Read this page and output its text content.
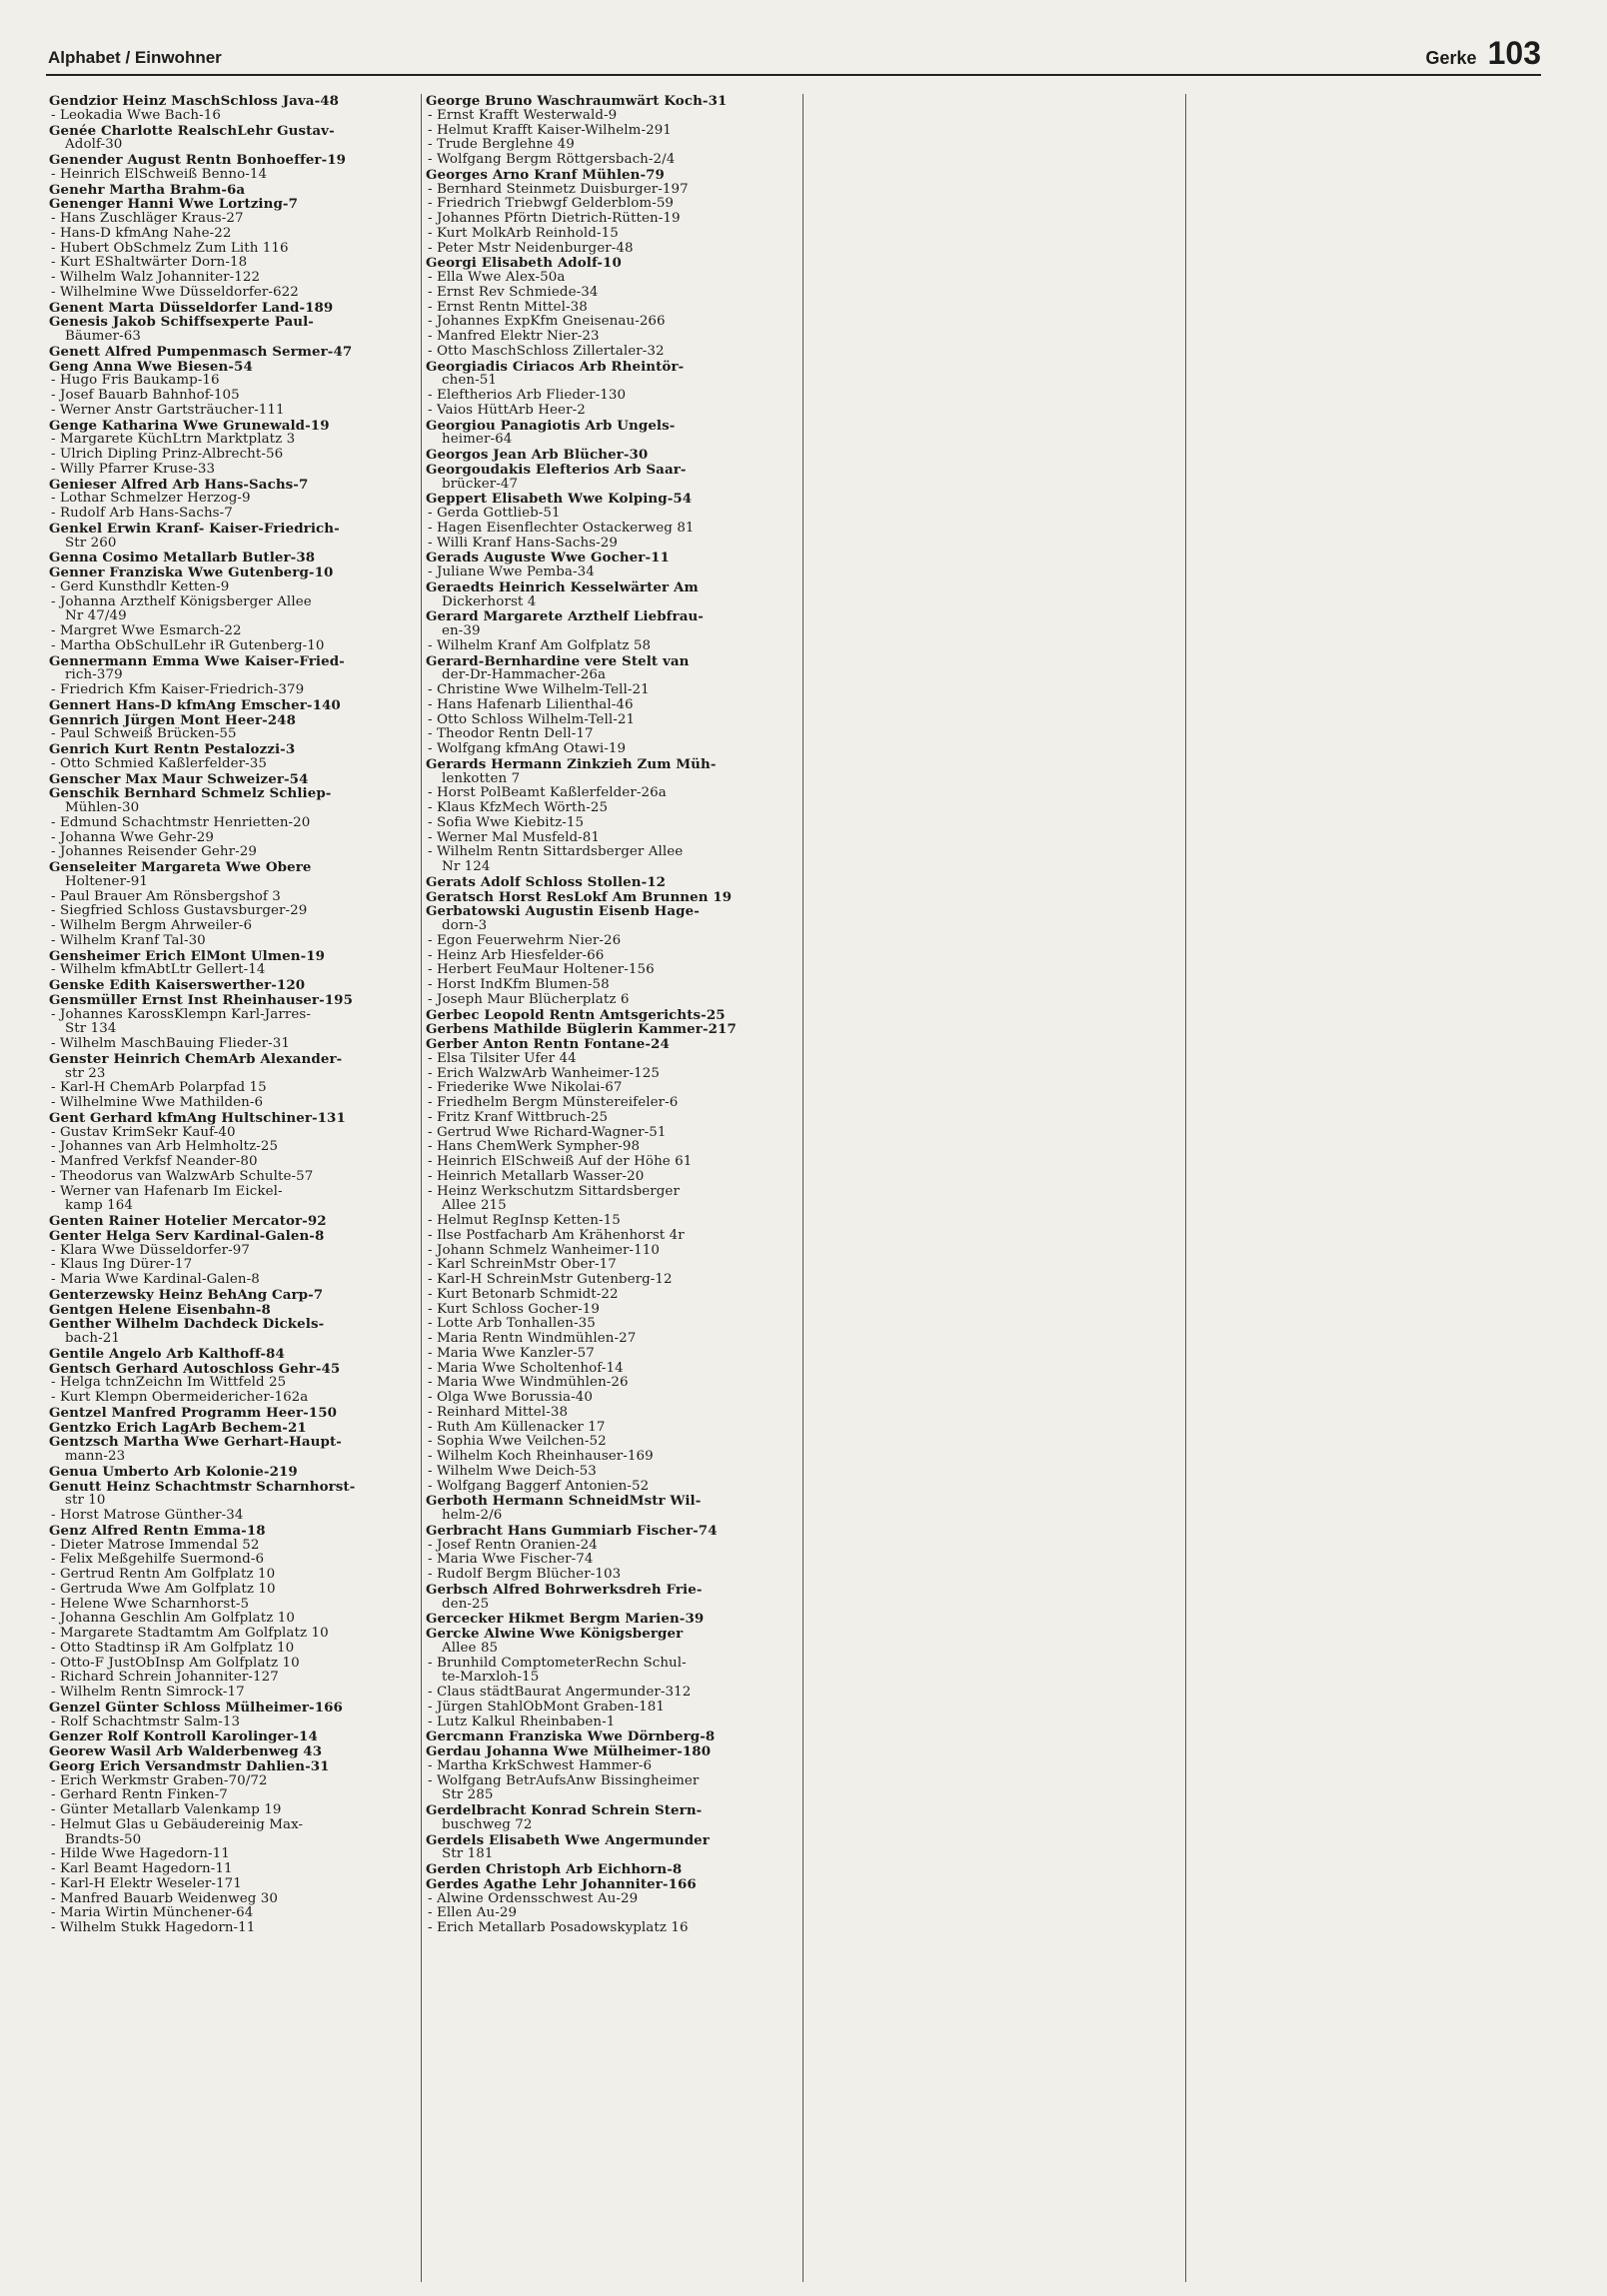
Alphabet / Einwohner	Gerke 103
Gendzior Heinz MaschSchloss Java-48
- Leokadia Wwe Bach-16
Genée Charlotte RealschLehr Gustav-
Adolf-30
Genender August Rentn Bonhoeffer-19
- Heinrich ElSchweiß Benno-14
Genehr Martha Brahm-6a
Genenger Hanni Wwe Lortzing-7
- Hans Zuschläger Kraus-27
- Hans-D kfmAng Nahe-22
- Hubert ObSchmelz Zum Lith 116
- Kurt EShaltwärter Dorn-18
- Wilhelm Walz Johanniter-122
- Wilhelmine Wwe Düsseldorfer-622
Genent Marta Düsseldorfer Land-189
Genesis Jakob Schiffsexperte Paul-
Bäumer-63
Genett Alfred Pumpenmasch Sermer-47
Geng Anna Wwe Biesen-54
- Hugo Fris Baukamp-16
- Josef Bauarb Bahnhof-105
- Werner Anstr Gartsträucher-111
Genge Katharina Wwe Grunewald-19
- Margarete KüchLtrn Marktplatz 3
- Ulrich Dipling Prinz-Albrecht-56
- Willy Pfarrer Kruse-33
Genieser Alfred Arb Hans-Sachs-7
- Lothar Schmelzer Herzog-9
- Rudolf Arb Hans-Sachs-7
Genkel Erwin Kranf- Kaiser-Friedrich-
Str 260
Genna Cosimo Metallarb Butler-38
Genner Franziska Wwe Gutenberg-10
- Gerd Kunsthdlr Ketten-9
- Johanna Arzthelf Königsberger Allee
Nr 47/49
- Margret Wwe Esmarch-22
- Martha ObSchulLehr iR Gutenberg-10
Gennermann Emma Wwe Kaiser-Fried-
rich-379
- Friedrich Kfm Kaiser-Friedrich-379
Gennert Hans-D kfmAng Emscher-140
Gennrich Jürgen Mont Heer-248
- Paul Schweiß Brücken-55
Genrich Kurt Rentn Pestalozzi-3
- Otto Schmied Kaßlerfelder-35
Genscher Max Maur Schweizer-54
Genschik Bernhard Schmelz Schliep-
Mühlen-30
- Edmund Schachtmstr Henrietten-20
- Johanna Wwe Gehr-29
- Johannes Reisender Gehr-29
Genseleiter Margareta Wwe Obere
Holtener-91
- Paul Brauer Am Rönsbergshof 3
- Siegfried Schloss Gustavsburger-29
- Wilhelm Bergm Ahrweiler-6
- Wilhelm Kranf Tal-30
Gensheimer Erich ElMont Ulmen-19
- Wilhelm kfmAbtLtr Gellert-14
Genske Edith Kaiserswerther-120
Gensmüller Ernst Inst Rheinhauser-195
- Johannes KarossKlempn Karl-Jarres-
Str 134
- Wilhelm MaschBauing Flieder-31
Genster Heinrich ChemArb Alexander-
str 23
- Karl-H ChemArb Polarpfad 15
- Wilhelmine Wwe Mathilden-6
Gent Gerhard kfmAng Hultschiner-131
- Gustav KrimSekr Kauf-40
- Johannes van Arb Helmholtz-25
- Manfred Verkfsf Neander-80
- Theodorus van WalzwArb Schulte-57
- Werner van Hafenarb Im Eickel-
kamp 164
Genten Rainer Hotelier Mercator-92
Genter Helga Serv Kardinal-Galen-8
- Klara Wwe Düsseldorfer-97
- Klaus Ing Dürer-17
- Maria Wwe Kardinal-Galen-8
Genterzewsky Heinz BehAng Carp-7
Gentgen Helene Eisenbahn-8
Genther Wilhelm Dachdeck Dickels-
bach-21
Gentile Angelo Arb Kalthoff-84
Gentsch Gerhard Autoschloss Gehr-45
- Helga tchnZeichn Im Wittfeld 25
- Kurt Klempn Obermeidericher-162a
Gentzel Manfred Programm Heer-150
Gentzko Erich LagArb Bechem-21
Gentzsch Martha Wwe Gerhart-Haupt-
mann-23
Genua Umberto Arb Kolonie-219
Genutt Heinz Schachtmstr Scharnhorst-
str 10
- Horst Matrose Günther-34
Genz Alfred Rentn Emma-18
- Dieter Matrose Immendal 52
- Felix Meßgehilfe Suermond-6
- Gertrud Rentn Am Golfplatz 10
- Gertruda Wwe Am Golfplatz 10
- Helene Wwe Scharnhorst-5
- Johanna Geschlin Am Golfplatz 10
- Margarete Stadtamtm Am Golfplatz 10
- Otto Stadtinsp iR Am Golfplatz 10
- Otto-F JustObInsp Am Golfplatz 10
- Richard Schrein Johanniter-127
- Wilhelm Rentn Simrock-17
Genzel Günter Schloss Mülheimer-166
- Rolf Schachtmstr Salm-13
Genzer Rolf Kontroll Karolinger-14
Georew Wasil Arb Walderbenweg 43
Georg Erich Versandmstr Dahlien-31
- Erich Werkmstr Graben-70/72
- Gerhard Rentn Finken-7
- Günter Metallarb Valenkamp 19
- Helmut Glas u Gebäudereinig Max-
Brandts-50
- Hilde Wwe Hagedorn-11
- Karl Beamt Hagedorn-11
- Karl-H Elektr Weseler-171
- Manfred Bauarb Weidenweg 30
- Maria Wirtin Münchener-64
- Wilhelm Stukk Hagedorn-11
George Bruno Waschraumwärt Koch-31
- Ernst Krafft Westerwald-9
- Helmut Krafft Kaiser-Wilhelm-291
- Trude Berglehne 49
- Wolfgang Bergm Röttgersbach-2/4
Georges Arno Kranf Mühlen-79
- Bernhard Steinmetz Duisburger-197
- Friedrich Triebwgf Gelderblom-59
- Johannes Pförtn Dietrich-Rütten-19
- Kurt MolkArb Reinhold-15
- Peter Mstr Neidenburger-48
Georgi Elisabeth Adolf-10
- Ella Wwe Alex-50a
- Ernst Rev Schmiede-34
- Ernst Rentn Mittel-38
- Johannes ExpKfm Gneisenau-266
- Manfred Elektr Nier-23
- Otto MaschSchloss Zillertaler-32
Georgiadis Ciriacos Arb Rheintör-
chen-51
- Eleftherios Arb Flieder-130
- Vaios HüttArb Heer-2
Georgiou Panagiotis Arb Ungels-
heimer-64
Georgos Jean Arb Blücher-30
Georgoudakis Elefterios Arb Saar-
brücker-47
Geppert Elisabeth Wwe Kolping-54
- Gerda Gottlieb-51
- Hagen Eisenflechter Ostackerweg 81
- Willi Kranf Hans-Sachs-29
Gerads Auguste Wwe Gocher-11
- Juliane Wwe Pemba-34
Geraedts Heinrich Kesselwärter Am
Dickerhorst 4
Gerard Margarete Arzthelf Liebfrau-
en-39
- Wilhelm Kranf Am Golfplatz 58
Gerard-Bernhardine vere Stelt van
der-Dr-Hammacher-26a
- Christine Wwe Wilhelm-Tell-21
- Hans Hafenarb Lilienthal-46
- Otto Schloss Wilhelm-Tell-21
- Theodor Rentn Dell-17
- Wolfgang kfmAng Otawi-19
Gerards Hermann Zinkzieh Zum Müh-
lenkotten 7
- Horst PolBeamt Kaßlerfelder-26a
- Klaus KfzMech Wörth-25
- Sofia Wwe Kiebitz-15
- Werner Mal Musfeld-81
- Wilhelm Rentn Sittardsberger Allee
Nr 124
Gerats Adolf Schloss Stollen-12
Geratsch Horst ResLokf Am Brunnen 19
Gerbatowski Augustin Eisenb Hage-
dorn-3
- Egon Feuerwehrm Nier-26
- Heinz Arb Hiesfelder-66
- Herbert FeuMaur Holtener-156
- Horst IndKfm Blumen-58
- Joseph Maur Blücherplatz 6
Gerbec Leopold Rentn Amtsgerichts-25
Gerbens Mathilde Büglerin Kammer-217
Gerber Anton Rentn Fontane-24
- Elsa Tilsiter Ufer 44
- Erich WalzwArb Wanheimer-125
- Friederike Wwe Nikolai-67
- Friedhelm Bergm Münstereifeler-6
- Fritz Kranf Wittbruch-25
- Gertrud Wwe Richard-Wagner-51
- Hans ChemWerk Sympher-98
- Heinrich ElSchweiß Auf der Höhe 61
- Heinrich Metallarb Wasser-20
- Heinz Werkschutzm Sittardsberger
Allee 215
- Helmut RegInsp Ketten-15
- Ilse Postfacharb Am Krähenhorst 4r
- Johann Schmelz Wanheimer-110
- Karl SchreinMstr Ober-17
- Karl-H SchreinMstr Gutenberg-12
- Kurt Betonarb Schmidt-22
- Kurt Schloss Gocher-19
- Lotte Arb Tonhallen-35
- Maria Rentn Windmühlen-27
- Maria Wwe Kanzler-57
- Maria Wwe Scholtenhof-14
- Maria Wwe Windmühlen-26
- Olga Wwe Borussia-40
- Reinhard Mittel-38
- Ruth Am Küllenacker 17
- Sophia Wwe Veilchen-52
- Wilhelm Koch Rheinhauser-169
- Wilhelm Wwe Deich-53
- Wolfgang Baggerf Antonien-52
Gerboth Hermann SchneidMstr Wil-
helm-2/6
Gerbracht Hans Gummiarb Fischer-74
- Josef Rentn Oranien-24
- Maria Wwe Fischer-74
- Rudolf Bergm Blücher-103
Gerbsch Alfred Bohrwerksdreh Frie-
den-25
Gercecker Hikmet Bergm Marien-39
Gercke Alwine Wwe Königsberger
Allee 85
- Brunhild ComptometerRechn Schul-
te-Marxloh-15
- Claus städtBaurat Angermunder-312
- Jürgen StahlObMont Graben-181
- Lutz Kalkul Rheinbaben-1
Gercmann Franziska Wwe Dörnberg-8
Gerdau Johanna Wwe Mülheimer-180
- Martha KrkSchwest Hammer-6
- Wolfgang BetrAufsAnw Bissingheimer
Str 285
Gerdelbracht Konrad Schrein Stern-
buschweg 72
Gerdels Elisabeth Wwe Angermunder
Str 181
Gerden Christoph Arb Eichhorn-8
Gerdes Agathe Lehr Johanniter-166
- Alwine Ordensschwest Au-29
- Ellen Au-29
- Erich Metallarb Posadowskyplatz 16
